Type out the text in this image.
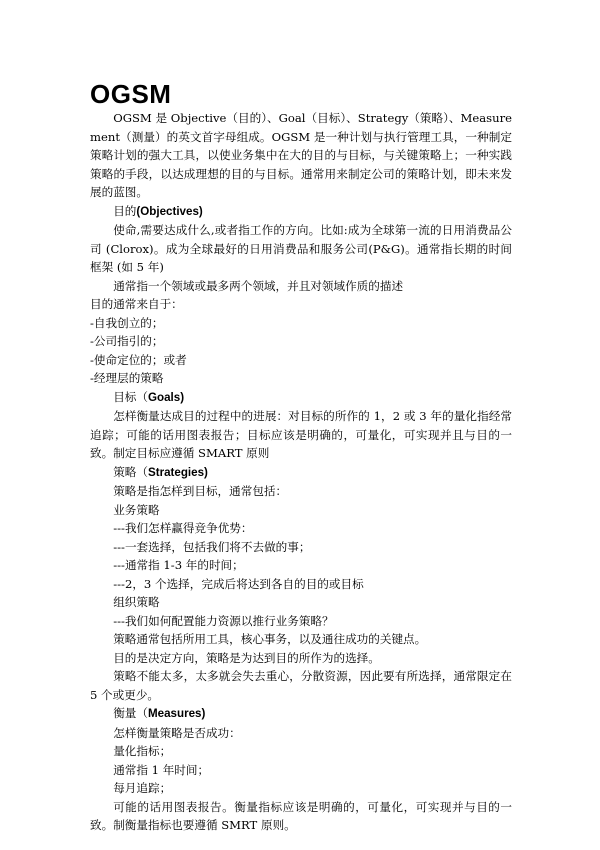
OGSM

OGSM 是 Objective（目的）、Goal（目标）、Strategy（策略）、Measurement（测量）的英文首字母组成。OGSM 是一种计划与执行管理工具，一种制定策略计划的强大工具，以使业务集中在大的目的与目标，与关键策略上；一种实践策略的手段，以达成理想的目的与目标。通常用来制定公司的策略计划，即未来发展的蓝图。

目的(Objectives)

使命,需要达成什么,或者指工作的方向。比如:成为全球第一流的日用消费品公司 (Clorox)。成为全球最好的日用消费品和服务公司(P&G)。通常指长期的时间框架 (如 5 年)

通常指一个领域或最多两个领域，并且对领域作质的描述

目的通常来自于：

-自我创立的；

-公司指引的；

-使命定位的；或者

-经理层的策略

目标（Goals)

怎样衡量达成目的过程中的进展：对目标的所作的 1，2 或 3 年的量化指经常追踪；可能的话用图表报告；目标应该是明确的，可量化，可实现并且与目的一致。制定目标应遵循 SMART 原则

策略（Strategies)

策略是指怎样到目标，通常包括：

业务策略

---我们怎样赢得竞争优势：

---一套选择，包括我们将不去做的事；

---通常指 1-3 年的时间；

---2，3 个选择，完成后将达到各自的目的或目标

组织策略

---我们如何配置能力资源以推行业务策略？

策略通常包括所用工具，核心事务，以及通往成功的关键点。

目的是决定方向，策略是为达到目的所作为的选择。

策略不能太多，太多就会失去重心，分散资源，因此要有所选择，通常限定在 5 个或更少。

衡量（Measures)

怎样衡量策略是否成功：

量化指标；

通常指 1 年时间；

每月追踪；

可能的话用图表报告。衡量指标应该是明确的，可量化，可实现并与目的一致。制衡量指标也要遵循 SMRT 原则。
